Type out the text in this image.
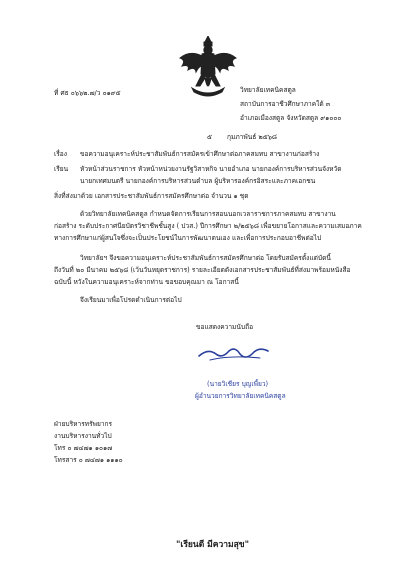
ที่ ศธ ๐๖๖๒.๗/ว ๐๑๙๕	วิทยาลัยเทคนิคสตูล
สถาบันการอาชีวศึกษาภาคใต้ ๓
อำเภอเมืองสตูล จังหวัดสตูล ๙๑๐๐๐
๕ กุมภาพันธ์ ๒๕๖๘
เรื่อง ขอความอนุเคราะห์ประชาสัมพันธ์การสมัครเข้าศึกษาต่อภาคสมทบ สาขางานก่อสร้าง
เรียน หัวหน้าส่วนราชการ หัวหน้าหน่วยงานรัฐวิสาหกิจ นายอำเภอ นายกองค์การบริหารส่วนจังหวัด
นายกเทศมนตรี นายกองค์การบริหารส่วนตำบล ผู้บริหารองค์กรอิสระและภาคเอกชน
สิ่งที่ส่งมาด้วย เอกสารประชาสัมพันธ์การสมัครศึกษาต่อ จำนวน ๑ ชุด
ด้วยวิทยาลัยเทคนิคสตูล กำหนดจัดการเรียนการสอนนอกเวลาราชการภาคสมทบ สาขางาน
ก่อสร้าง ระดับประกาศนียบัตรวิชาชีพชั้นสูง ( ปวส.) ปีการศึกษา ๒/๒๕๖๘ เพื่อขยายโอกาสและความเสมอภาค
ทางการศึกษาแก่ผู้สนใจซึ่งจะเป็นประโยชน์ในการพัฒนาตนเอง และเพื่อการประกอบอาชีพต่อไป
วิทยาลัยฯ จึงขอความอนุเคราะห์ประชาสัมพันธ์การสมัครศึกษาต่อ โดยรับสมัครตั้งแต่บัดนี้
ถึงวันที่ ๒๐ มีนาคม ๒๕๖๘ (เว้นวันหยุดราชการ) รายละเอียดดังเอกสารประชาสัมพันธ์ที่ส่งมาพร้อมหนังสือ
ฉบับนี้ หวังในความอนุเคราะห์จากท่าน ขอขอบคุณมา ณ โอกาสนี้
จึงเรียนมาเพื่อโปรดดำเนินการต่อไป
ขอแสดงความนับถือ
(นายวิเชียร บุญเพี้ยว)
ผู้อำนวยการวิทยาลัยเทคนิคสตูล
ฝ่ายบริหารทรัพยากร
งานบริหารงานทั่วไป
โทร ๐ ๗๔๗๑ ๑๐๑๗
โทรสาร ๐ ๗๔๗๑ ๑๑๑๐
"เรียนดี มีความสุข"
